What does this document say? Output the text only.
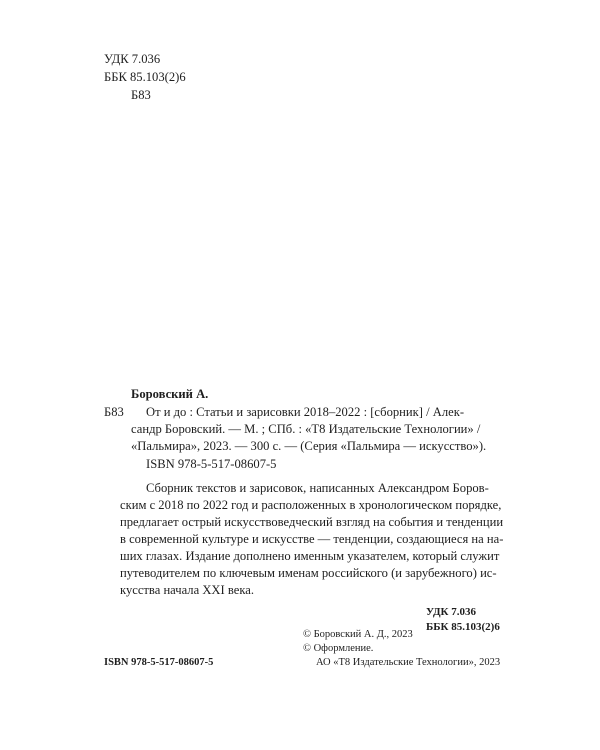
УДК 7.036
ББК 85.103(2)6
Б83
Боровский А.
Б83 От и до : Статьи и зарисовки 2018–2022 : [сборник] / Алек-
сандр Боровский. — М. ; СПб. : «Т8 Издательские Технологии» /
«Пальмира», 2023. — 300 с. — (Серия «Пальмира — искусство»).
ISBN 978-5-517-08607-5
Сборник текстов и зарисовок, написанных Александром Боров-
ским с 2018 по 2022 год и расположенных в хронологическом порядке,
предлагает острый искусствоведческий взгляд на события и тенденции
в современной культуре и искусстве — тенденции, создающиеся на на-
ших глазах. Издание дополнено именным указателем, который служит
путеводителем по ключевым именам российского (и зарубежного) ис-
кусства начала XXI века.
УДК 7.036
ББК 85.103(2)6
ISBN 978-5-517-08607-5
© Боровский А. Д., 2023
© Оформление.
АО «Т8 Издательские Технологии», 2023
